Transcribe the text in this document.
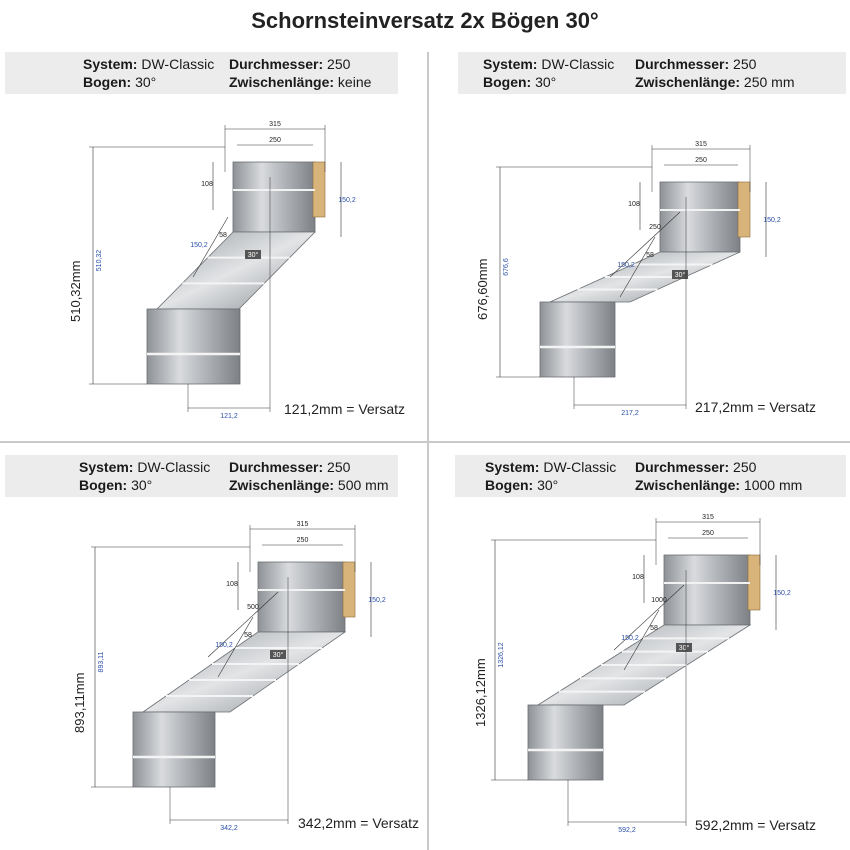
Schornsteinversatz 2x Bögen 30°
System: DW-Classic
Bogen: 30°
Durchmesser: 250
Zwischenlänge: keine
315
250
108
150,2
150,2
58
30°
510,32
121,2
510,32mm
121,2mm = Versatz
System: DW-Classic
Bogen: 30°
Durchmesser: 250
Zwischenlänge: 250 mm
315
250
108
150,2
150,2
58
250
30°
676,6
217,2
676,60mm
217,2mm = Versatz
System: DW-Classic
Bogen: 30°
Durchmesser: 250
Zwischenlänge: 500 mm
315
250
108
150,2
150,2
58
500
30°
893,11
342,2
893,11mm
342,2mm = Versatz
System: DW-Classic
Bogen: 30°
Durchmesser: 250
Zwischenlänge: 1000 mm
315
250
108
150,2
150,2
58
1000
30°
1326,12
592,2
1326,12mm
592,2mm = Versatz
